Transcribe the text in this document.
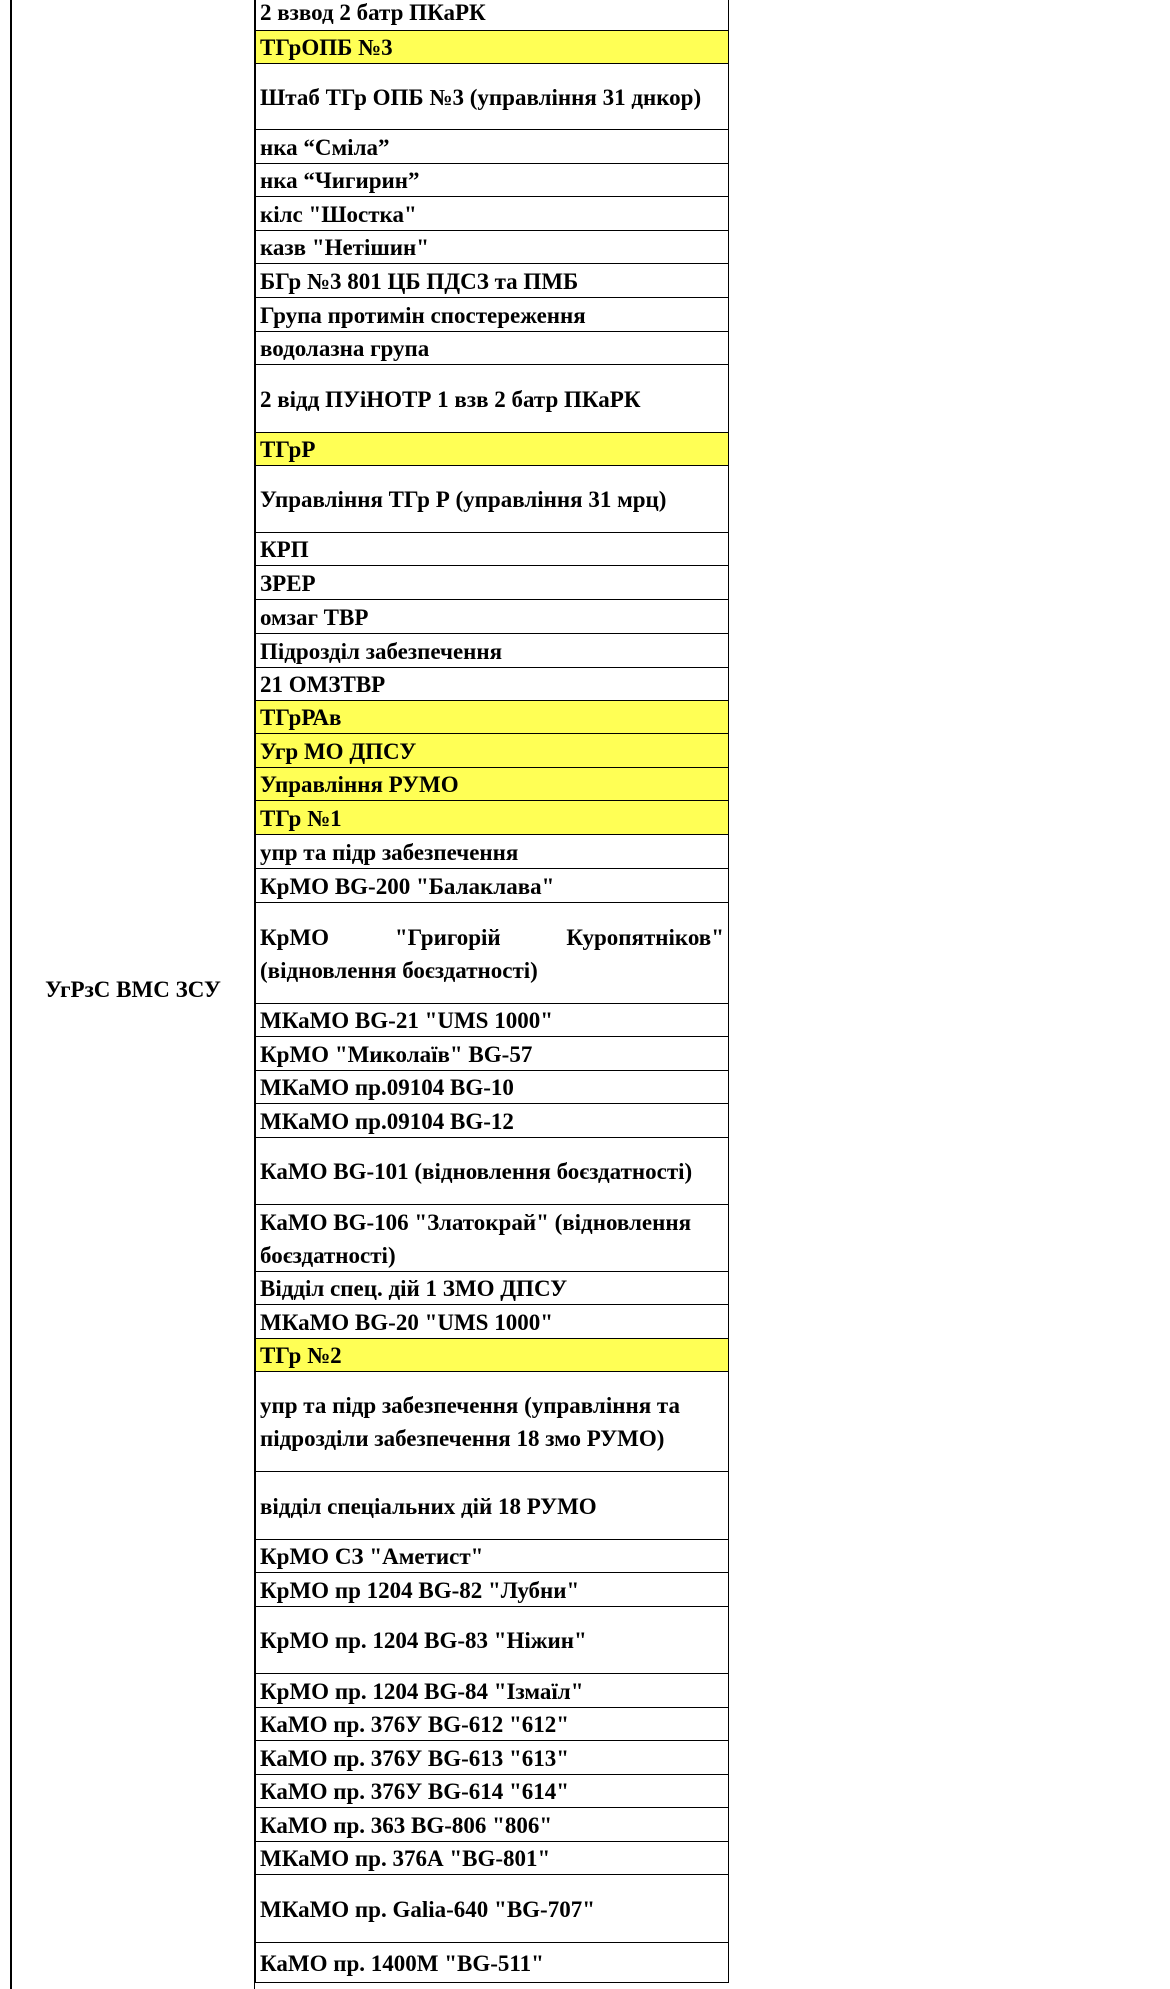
УгРзС ВМС ЗСУ
2 взвод 2 батр ПКаРК
ТГрОПБ №3
Штаб ТГр ОПБ №3 (управління 31 днкор)
нка “Сміла”
нка “Чигирин”
кілс "Шостка"
казв "Нетішин"
БГр №3 801 ЦБ ПДСЗ та ПМБ
Група протимін спостереження
водолазна група
2 відд ПУіНОТР 1 взв 2 батр ПКаРК
ТГрР
Управління ТГр Р (управління 31 мрц)
КРП
ЗРЕР
омзаг ТВР
Підрозділ забезпечення
21 ОМЗТВР
ТГрРАв
Угр МО ДПСУ
Управління РУМО
ТГр №1
упр та підр забезпечення
КрМО BG-200 "Балаклава"
КрМО "Григорій Куропятніков" (відновлення боєздатності)
МКаМО BG-21 "UMS 1000"
КрМО "Миколаїв" BG-57
МКаМО пр.09104 BG-10
МКаМО пр.09104 BG-12
КаМО BG-101 (відновлення боєздатності)
КаМО BG-106 "Златокрай" (відновлення боєздатності)
Відділ спец. дій 1 ЗМО ДПСУ
МКаМО BG-20 "UMS 1000"
ТГр №2
упр та підр забезпечення (управління та підрозділи забезпечення 18 змо РУМО)
відділ спеціальних дій 18 РУМО
КрМО СЗ "Аметист"
КрМО пр 1204 BG-82 "Лубни"
КрМО пр. 1204 BG-83 "Ніжин"
КрМО пр. 1204 BG-84 "Ізмаїл"
КаМО пр. 376У BG-612 "612"
КаМО пр. 376У BG-613 "613"
КаМО пр. 376У BG-614 "614"
КаМО пр. 363 BG-806 "806"
МКаМО пр. 376А "BG-801"
МКаМО пр. Galia-640 "BG-707"
КаМО пр. 1400М "BG-511"
